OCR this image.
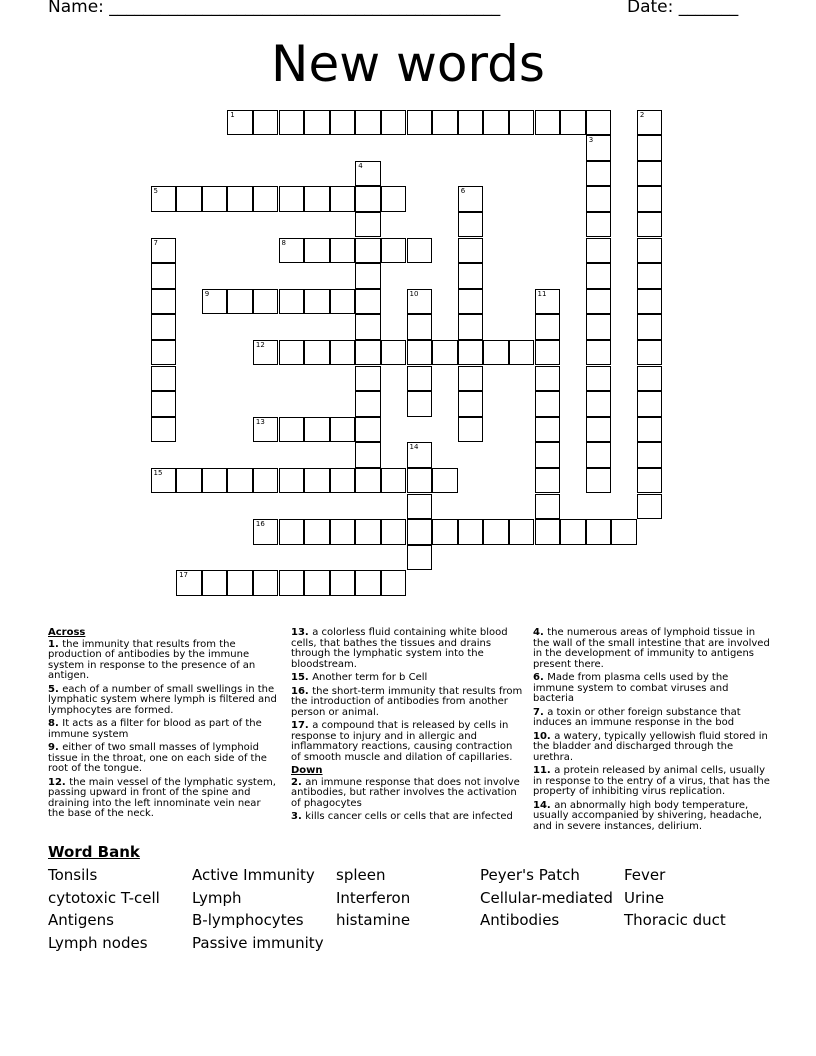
Name: ______________________________________________	Date: _______
New words
1	2
3
4
5	6
7	8
9	10	11
12
13
14
15
16
17
Across
1. the immunity that results from the production of antibodies by the immune system in response to the presence of an antigen.
5. each of a number of small swellings in the lymphatic system where lymph is filtered and lymphocytes are formed.
8. It acts as a filter for blood as part of the immune system
9. either of two small masses of lymphoid tissue in the throat, one on each side of the root of the tongue.
12. the main vessel of the lymphatic system, passing upward in front of the spine and draining into the left innominate vein near the base of the neck.
13. a colorless fluid containing white blood cells, that bathes the tissues and drains through the lymphatic system into the bloodstream.
15. Another term for b Cell
16. the short-term immunity that results from the introduction of antibodies from another person or animal.
17. a compound that is released by cells in response to injury and in allergic and inflammatory reactions, causing contraction of smooth muscle and dilation of capillaries.
Down
2. an immune response that does not involve antibodies, but rather involves the activation of phagocytes
3. kills cancer cells or cells that are infected
4. the numerous areas of lymphoid tissue in the wall of the small intestine that are involved in the development of immunity to antigens present there.
6. Made from plasma cells used by the immune system to combat viruses and bacteria
7. a toxin or other foreign substance that induces an immune response in the bod
10. a watery, typically yellowish fluid stored in the bladder and discharged through the urethra.
11. a protein released by animal cells, usually in response to the entry of a virus, that has the property of inhibiting virus replication.
14. an abnormally high body temperature, usually accompanied by shivering, headache, and in severe instances, delirium.
Word Bank
Tonsils
cytotoxic T-cell
Antigens
Lymph nodes
Active Immunity
Lymph
B-lymphocytes
Passive immunity
spleen
Interferon
histamine
Peyer's Patch
Cellular-mediated
Antibodies
Fever
Urine
Thoracic duct
